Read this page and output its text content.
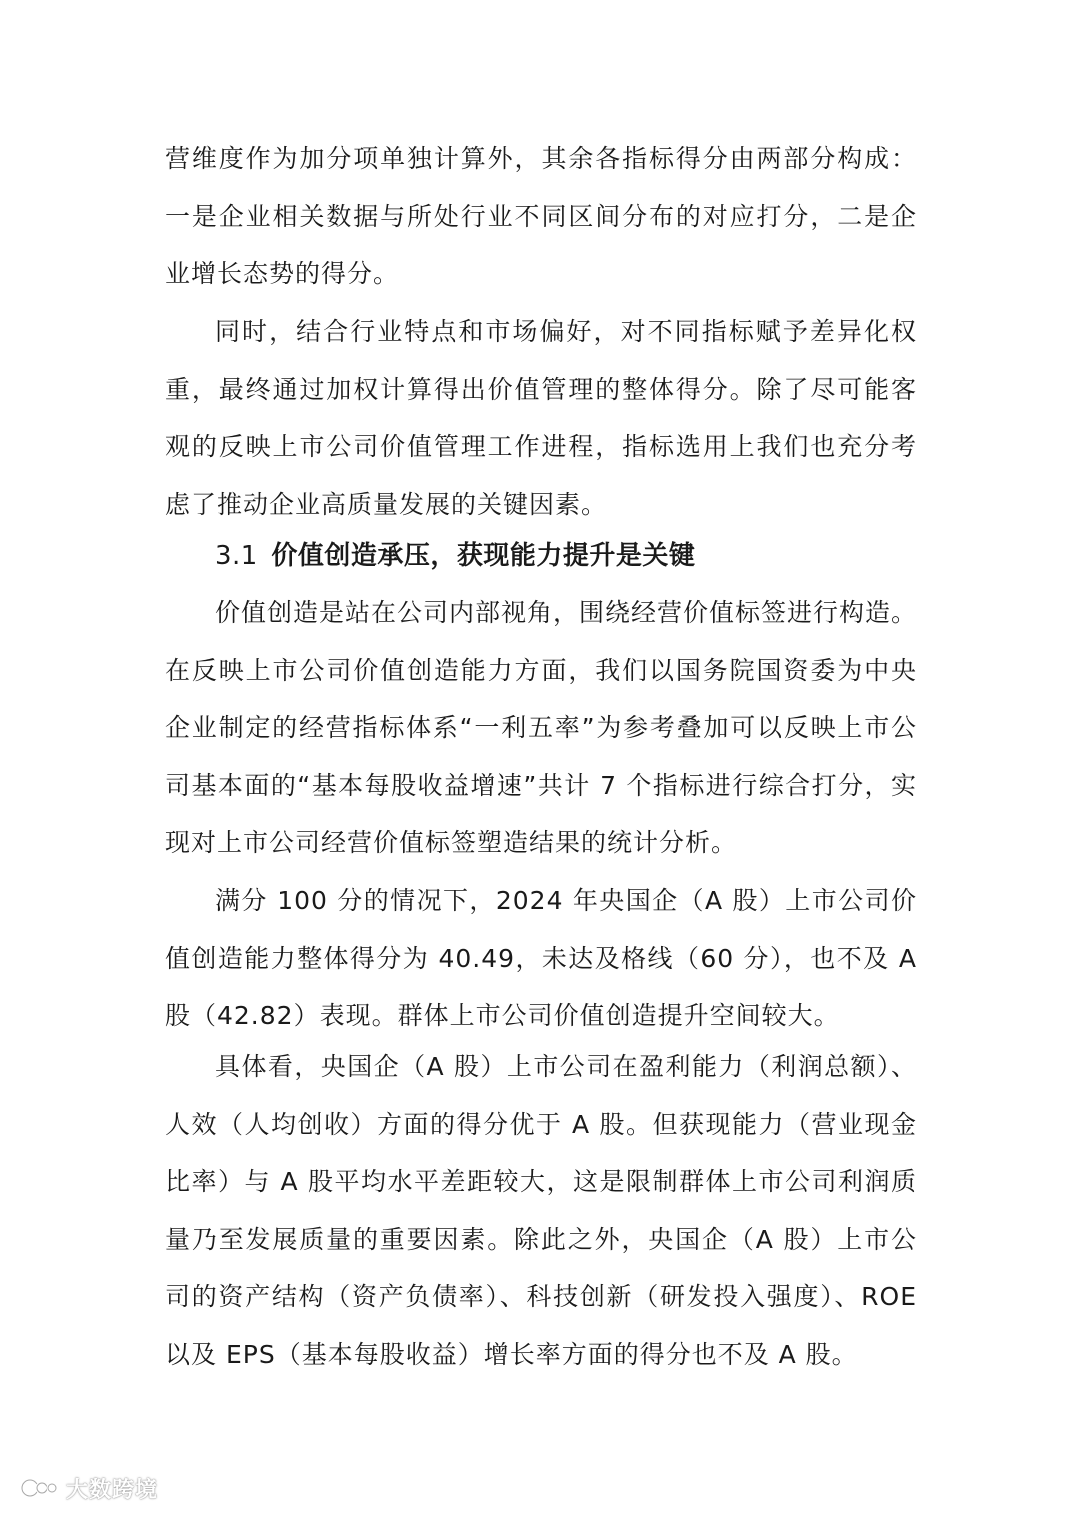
营维度作为加分项单独计算外，其余各指标得分由两部分构成：一是企业相关数据与所处行业不同区间分布的对应打分，二是企业增长态势的得分。

同时，结合行业特点和市场偏好，对不同指标赋予差异化权重，最终通过加权计算得出价值管理的整体得分。除了尽可能客观的反映上市公司价值管理工作进程，指标选用上我们也充分考虑了推动企业高质量发展的关键因素。

3.1 价值创造承压，获现能力提升是关键

价值创造是站在公司内部视角，围绕经营价值标签进行构造。在反映上市公司价值创造能力方面，我们以国务院国资委为中央企业制定的经营指标体系“一利五率”为参考叠加可以反映上市公司基本面的“基本每股收益增速”共计 7 个指标进行综合打分，实现对上市公司经营价值标签塑造结果的统计分析。

满分 100 分的情况下，2024 年央国企（A 股）上市公司价值创造能力整体得分为 40.49，未达及格线（60 分），也不及 A 股（42.82）表现。群体上市公司价值创造提升空间较大。

具体看，央国企（A 股）上市公司在盈利能力（利润总额）、人效（人均创收）方面的得分优于 A 股。但获现能力（营业现金比率）与 A 股平均水平差距较大，这是限制群体上市公司利润质量乃至发展质量的重要因素。除此之外，央国企（A 股）上市公司的资产结构（资产负债率）、科技创新（研发投入强度）、ROE 以及 EPS（基本每股收益）增长率方面的得分也不及 A 股。

大数跨境
